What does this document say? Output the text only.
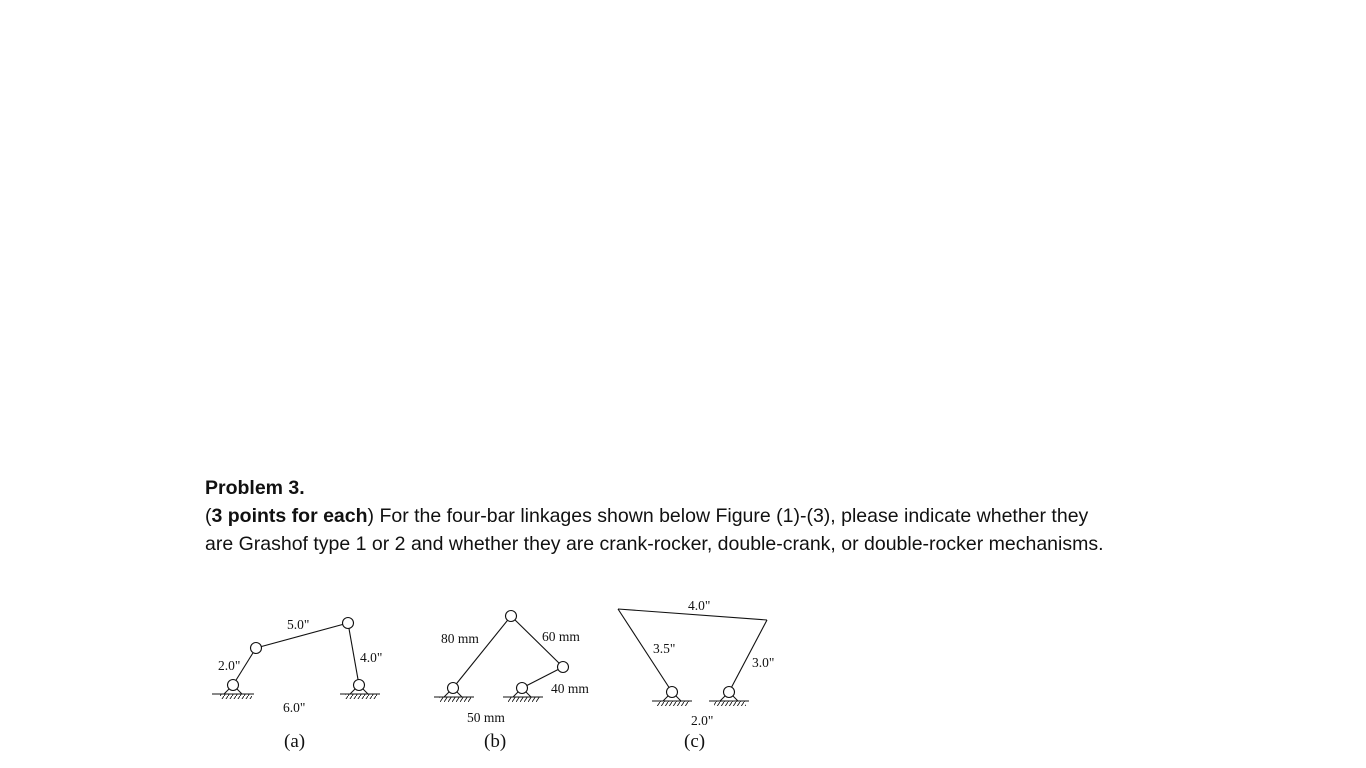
Problem 3.
(3 points for each) For the four-bar linkages shown below Figure (1)-(3), please indicate whether they are Grashof type 1 or 2 and whether they are crank-rocker, double-crank, or double-rocker mechanisms.
5.0"
2.0"
4.0"
6.0"
(a)
80 mm	60 mm
40 mm
50 mm
(b)
4.0"
3.5"
3.0"
2.0"
(c)
